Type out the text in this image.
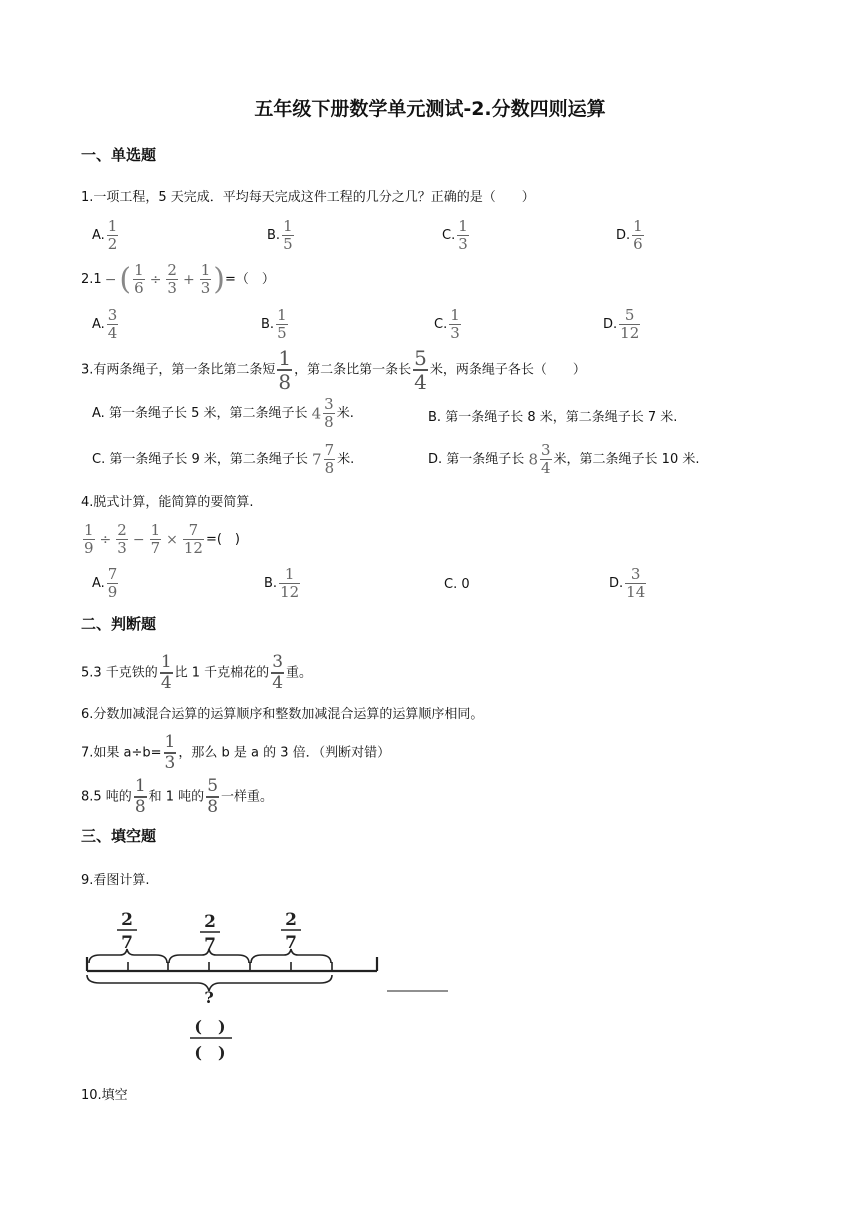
五年级下册数学单元测试-2.分数四则运算
一、单选题
1.一项工程，5 天完成．平均每天完成这件工程的几分之几？正确的是（　　）
A. $\frac{1}{2}$	B. $\frac{1}{5}$	C. $\frac{1}{3}$	D. $\frac{1}{6}$
2.1 − ( $\frac{1}{6} \div \frac{2}{3} + \frac{1}{3}$ )=（　）
A. $\frac{3}{4}$	B. $\frac{1}{5}$	C. $\frac{1}{3}$	D. $\frac{5}{12}$
3.有两条绳子，第一条比第二条短 $\frac{1}{8}$ ，第二条比第一条长 $\frac{5}{4}$ 米，两条绳子各长（　　）
A. 第一条绳子长 5 米，第二条绳子长 $4 \frac{3}{8}$ 米.	B. 第一条绳子长 8 米，第二条绳子长 7 米.
C. 第一条绳子长 9 米，第二条绳子长 $7 \frac{7}{8}$ 米.	D. 第一条绳子长 $8 \frac{3}{4}$ 米，第二条绳子长 10 米.
4.脱式计算，能简算的要简算.
$\frac{1}{9} \div \frac{2}{3} - \frac{1}{7} \times \frac{7}{12}$ =(　)
A. $\frac{7}{9}$	B. $\frac{1}{12}$	C. 0	D. $\frac{3}{14}$
二、判断题
5.3 千克铁的 $\frac{1}{4}$ 比 1 千克棉花的 $\frac{3}{4}$ 重。
6.分数加减混合运算的运算顺序和整数加减混合运算的运算顺序相同。
7.如果 $a\div b= \frac{1}{3}$ ，那么 b 是 a 的 3 倍．（判断对错）
8.5 吨的 $\frac{1}{8}$ 和 1 吨的 $\frac{5}{8}$ 一样重。
三、填空题
9.看图计算.
2
7
2
7
2
7
?
(　)
(　)
10.填空
